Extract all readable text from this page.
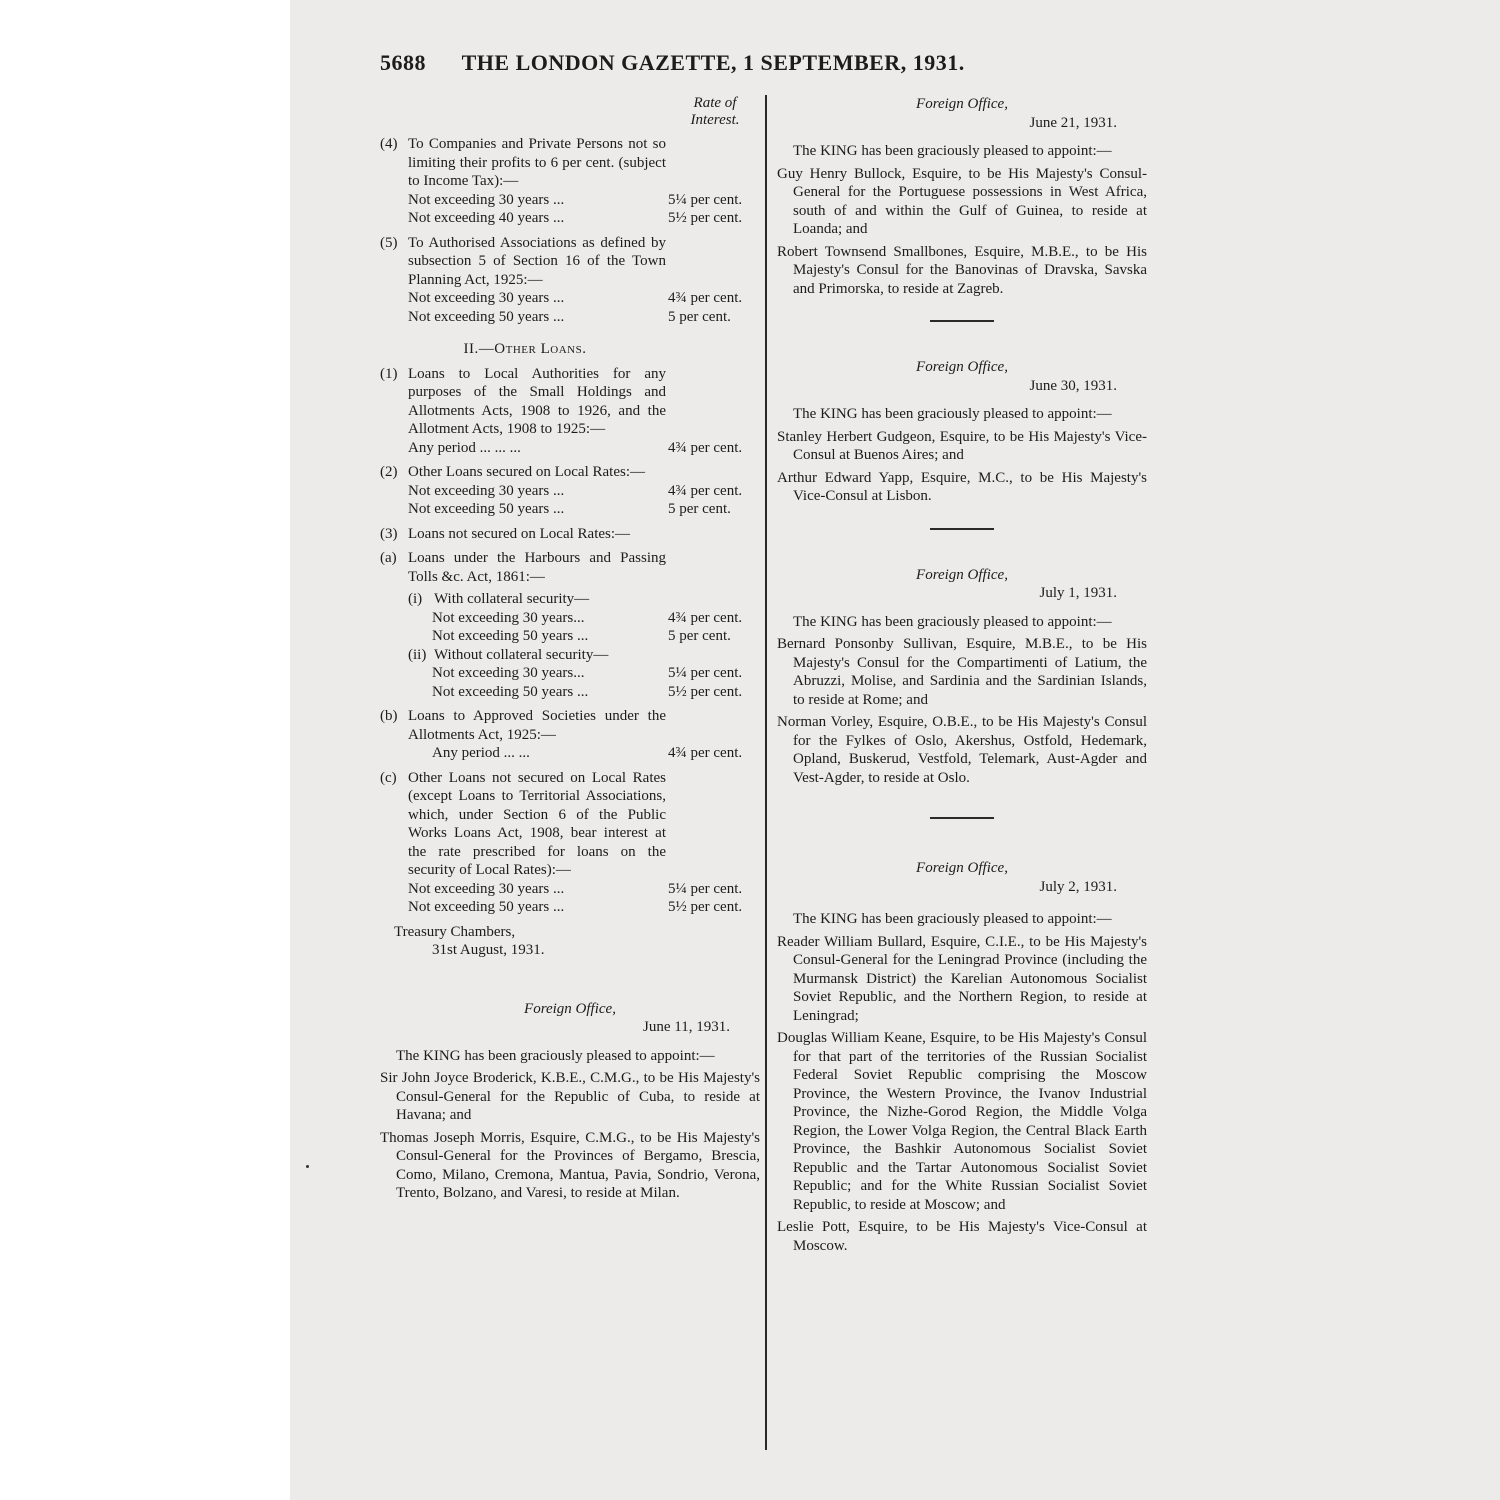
5688 THE LONDON GAZETTE, 1 SEPTEMBER, 1931.
Rate of Interest.
(4) To Companies and Private Persons not so limiting their profits to 6 per cent. (subject to Income Tax):—
Not exceeding 30 years ...	5¼ per cent.
Not exceeding 40 years ...	5½ per cent.
(5) To Authorised Associations as defined by subsection 5 of Section 16 of the Town Planning Act, 1925:—
Not exceeding 30 years ...	4¾ per cent.
Not exceeding 50 years ...	5 per cent.
II.—Other Loans.
(1) Loans to Local Authorities for any purposes of the Small Holdings and Allotments Acts, 1908 to 1926, and the Allotment Acts, 1908 to 1925:—
Any period ... ... ...	4¾ per cent.
(2) Other Loans secured on Local Rates:—
Not exceeding 30 years ...	4¾ per cent.
Not exceeding 50 years ...	5 per cent.
(3) Loans not secured on Local Rates:—
(a) Loans under the Harbours and Passing Tolls &c. Act, 1861:—
(i) With collateral security—
Not exceeding 30 years...	4¾ per cent.
Not exceeding 50 years ...	5 per cent.
(ii) Without collateral security—
Not exceeding 30 years...	5¼ per cent.
Not exceeding 50 years ...	5½ per cent.
(b) Loans to Approved Societies under the Allotments Act, 1925:—
Any period ... ...	4¾ per cent.
(c) Other Loans not secured on Local Rates (except Loans to Territorial Associations, which, under Section 6 of the Public Works Loans Act, 1908, bear interest at the rate prescribed for loans on the security of Local Rates):—
Not exceeding 30 years ...	5¼ per cent.
Not exceeding 50 years ...	5½ per cent.
Treasury Chambers,
31st August, 1931.
Foreign Office,
June 11, 1931.
The KING has been graciously pleased to appoint:—
Sir John Joyce Broderick, K.B.E., C.M.G., to be His Majesty's Consul-General for the Republic of Cuba, to reside at Havana; and
Thomas Joseph Morris, Esquire, C.M.G., to be His Majesty's Consul-General for the Provinces of Bergamo, Brescia, Como, Milano, Cremona, Mantua, Pavia, Sondrio, Verona, Trento, Bolzano, and Varesi, to reside at Milan.
Foreign Office,
June 21, 1931.
The KING has been graciously pleased to appoint:—
Guy Henry Bullock, Esquire, to be His Majesty's Consul-General for the Portuguese possessions in West Africa, south of and within the Gulf of Guinea, to reside at Loanda; and
Robert Townsend Smallbones, Esquire, M.B.E., to be His Majesty's Consul for the Banovinas of Dravska, Savska and Primorska, to reside at Zagreb.
Foreign Office,
June 30, 1931.
The KING has been graciously pleased to appoint:—
Stanley Herbert Gudgeon, Esquire, to be His Majesty's Vice-Consul at Buenos Aires; and
Arthur Edward Yapp, Esquire, M.C., to be His Majesty's Vice-Consul at Lisbon.
Foreign Office,
July 1, 1931.
The KING has been graciously pleased to appoint:—
Bernard Ponsonby Sullivan, Esquire, M.B.E., to be His Majesty's Consul for the Compartimenti of Latium, the Abruzzi, Molise, and Sardinia and the Sardinian Islands, to reside at Rome; and
Norman Vorley, Esquire, O.B.E., to be His Majesty's Consul for the Fylkes of Oslo, Akershus, Ostfold, Hedemark, Opland, Buskerud, Vestfold, Telemark, Aust-Agder and Vest-Agder, to reside at Oslo.
Foreign Office,
July 2, 1931.
The KING has been graciously pleased to appoint:—
Reader William Bullard, Esquire, C.I.E., to be His Majesty's Consul-General for the Leningrad Province (including the Murmansk District) the Karelian Autonomous Socialist Soviet Republic, and the Northern Region, to reside at Leningrad;
Douglas William Keane, Esquire, to be His Majesty's Consul for that part of the territories of the Russian Socialist Federal Soviet Republic comprising the Moscow Province, the Western Province, the Ivanov Industrial Province, the Nizhe-Gorod Region, the Middle Volga Region, the Lower Volga Region, the Central Black Earth Province, the Bashkir Autonomous Socialist Soviet Republic and the Tartar Autonomous Socialist Soviet Republic; and for the White Russian Socialist Soviet Republic, to reside at Moscow; and
Leslie Pott, Esquire, to be His Majesty's Vice-Consul at Moscow.
